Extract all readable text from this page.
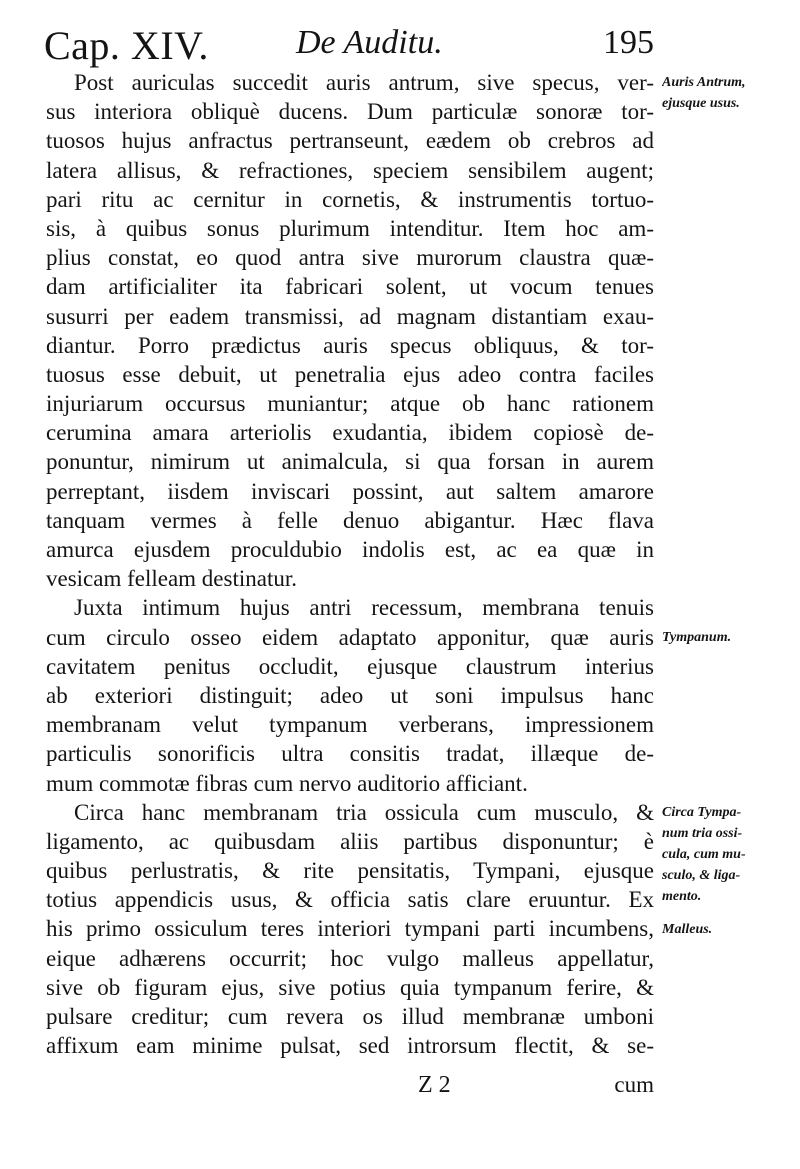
Cap. XIV.	De Auditu.	195
Post auriculas succedit auris antrum, sive specus, ver-
sus interiora obliquè ducens. Dum particulæ sonoræ tor-
tuosos hujus anfractus pertranseunt, eædem ob crebros ad
latera allisus, & refractiones, speciem sensibilem augent;
pari ritu ac cernitur in cornetis, & instrumentis tortuo-
sis, à quibus sonus plurimum intenditur. Item hoc am-
plius constat, eo quod antra sive murorum claustra quæ-
dam artificialiter ita fabricari solent, ut vocum tenues
susurri per eadem transmissi, ad magnam distantiam exau-
diantur. Porro prædictus auris specus obliquus, & tor-
tuosus esse debuit, ut penetralia ejus adeo contra faciles
injuriarum occursus muniantur; atque ob hanc rationem
cerumina amara arteriolis exudantia, ibidem copiosè de-
ponuntur, nimirum ut animalcula, si qua forsan in aurem
perreptant, iisdem inviscari possint, aut saltem amarore
tanquam vermes à felle denuo abigantur. Hæc flava
amurca ejusdem proculdubio indolis est, ac ea quæ in
vesicam felleam destinatur.
Juxta intimum hujus antri recessum, membrana tenuis
cum circulo osseo eidem adaptato apponitur, quæ auris
cavitatem penitus occludit, ejusque claustrum interius
ab exteriori distinguit; adeo ut soni impulsus hanc
membranam velut tympanum verberans, impressionem
particulis sonorificis ultra consitis tradat, illæque de-
mum commotæ fibras cum nervo auditorio afficiant.
Circa hanc membranam tria ossicula cum musculo, &
ligamento, ac quibusdam aliis partibus disponuntur; è
quibus perlustratis, & rite pensitatis, Tympani, ejusque
totius appendicis usus, & officia satis clare eruuntur. Ex
his primo ossiculum teres interiori tympani parti incumbens,
eique adhærens occurrit; hoc vulgo malleus appellatur,
sive ob figuram ejus, sive potius quia tympanum ferire, &
pulsare creditur; cum revera os illud membranæ umboni
affixum eam minime pulsat, sed introrsum flectit, & se-
Auris Antrum,
ejusque usus.
Tympanum.
Circa Tympa-
num tria ossi-
cula, cum mu-
sculo, & liga-
mento.
Malleus.
Z 2	cum
